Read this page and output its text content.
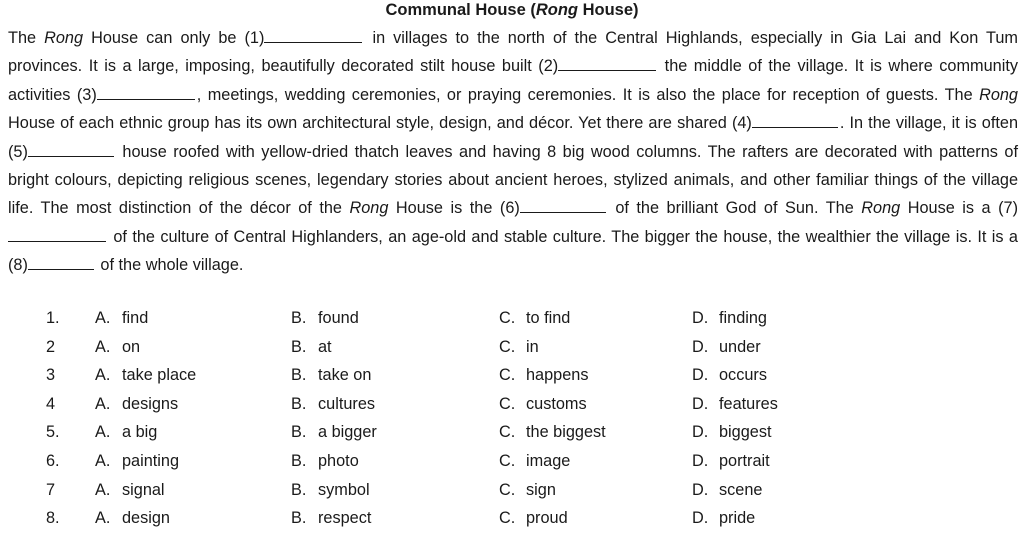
Communal House (Rong House)

The Rong House can only be (1)	in villages to the north of the Central Highlands, especially in Gia Lai and Kon Tum provinces. It is a large, imposing, beautifully decorated stilt house built (2)	the middle of the village. It is where community activities (3)	, meetings, wedding ceremonies, or praying ceremonies. It is also the place for reception of guests. The Rong House of each ethnic group has its own architectural style, design, and décor. Yet there are shared (4)	. In the village, it is often (5)	house roofed with yellow-dried thatch leaves and having 8 big wood columns. The rafters are decorated with patterns of bright colours, depicting religious scenes, legendary stories about ancient heroes, stylized animals, and other familiar things of the village life. The most distinction of the décor of the Rong House is the (6)	of the brilliant God of Sun. The Rong House is a (7) of the culture of Central Highlanders, an age-old and stable culture. The bigger the house, the wealthier the village is. It is a (8)	of the whole village.

1. A. find	B. found	C. to find	D. finding
2 A. on	B. at	C. in	D. under
3 A. take place	B. take on	C. happens	D. occurs
4 A. designs	B. cultures	C. customs	D. features
5. A. a big	B. a bigger	C. the biggest	D. biggest
6. A. painting	B. photo	C. image	D. portrait
7 A. signal	B. symbol	C. sign	D. scene
8. A. design	B. respect	C. proud	D. pride
